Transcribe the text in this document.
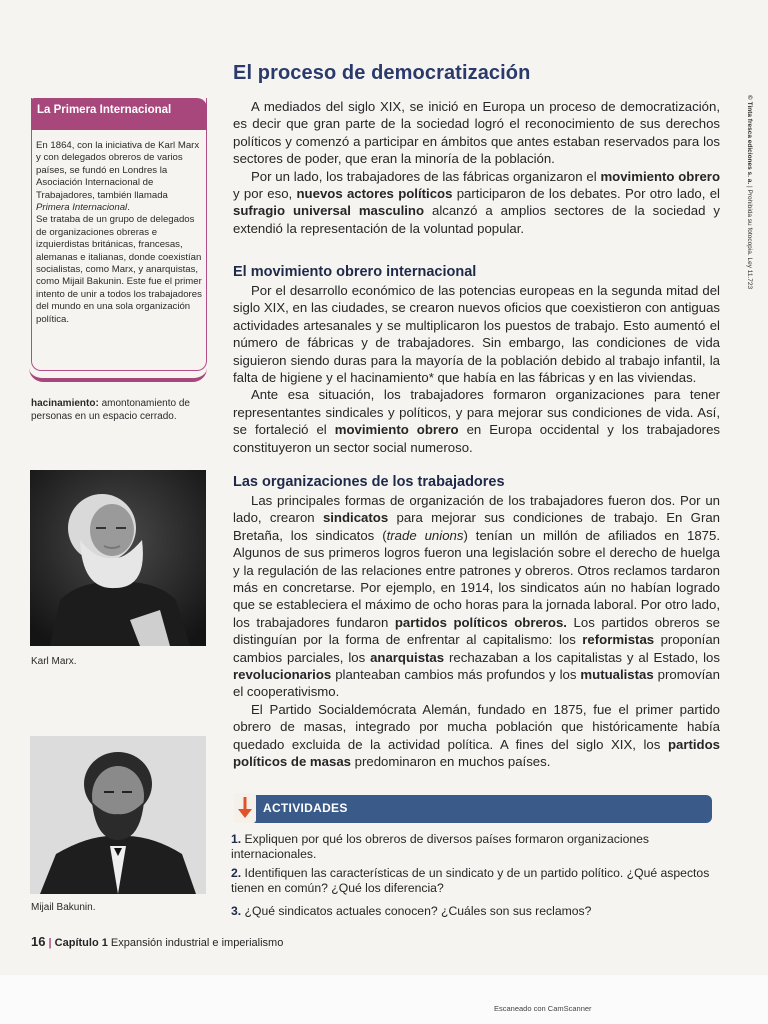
El proceso de democratización

A mediados del siglo XIX, se inició en Europa un proceso de democratización, es decir que gran parte de la sociedad logró el reconocimiento de sus derechos políticos y comenzó a participar en ámbitos que antes estaban reservados para los sectores de poder, que eran la minoría de la población.

Por un lado, los trabajadores de las fábricas organizaron el movimiento obrero y por eso, nuevos actores políticos participaron de los debates. Por otro lado, el sufragio universal masculino alcanzó a amplios sectores de la sociedad y extendió la representación de la voluntad popular.

El movimiento obrero internacional

Por el desarrollo económico de las potencias europeas en la segunda mitad del siglo XIX, en las ciudades, se crearon nuevos oficios que coexistieron con antiguas actividades artesanales y se multiplicaron los puestos de trabajo. Esto aumentó el número de fábricas y de trabajadores. Sin embargo, las condiciones de vida siguieron siendo duras para la mayoría de la población debido al trabajo infantil, la falta de higiene y el hacinamiento* que había en las fábricas y en las viviendas.

Ante esa situación, los trabajadores formaron organizaciones para tener representantes sindicales y políticos, y para mejorar sus condiciones de vida. Así, se fortaleció el movimiento obrero en Europa occidental y los trabajadores constituyeron un sector social numeroso.

Las organizaciones de los trabajadores

Las principales formas de organización de los trabajadores fueron dos. Por un lado, crearon sindicatos para mejorar sus condiciones de trabajo. En Gran Bretaña, los sindicatos (trade unions) tenían un millón de afiliados en 1875. Algunos de sus primeros logros fueron una legislación sobre el derecho de huelga y la regulación de las relaciones entre patrones y obreros. Otros reclamos tardaron más en concretarse. Por ejemplo, en 1914, los sindicatos aún no habían logrado que se estableciera el máximo de ocho horas para la jornada laboral. Por otro lado, los trabajadores fundaron partidos políticos obreros. Los partidos obreros se distinguían por la forma de enfrentar al capitalismo: los reformistas proponían cambios parciales, los anarquistas rechazaban a los capitalistas y al Estado, los revolucionarios planteaban cambios más profundos y los mutualistas promovían el cooperativismo.

El Partido Socialdemócrata Alemán, fundado en 1875, fue el primer partido obrero de masas, integrado por mucha población que históricamente había quedado excluida de la actividad política. A fines del siglo XIX, los partidos políticos de masas predominaron en muchos países.

La Primera Internacional

En 1864, con la iniciativa de Karl Marx y con delegados obreros de varios países, se fundó en Londres la Asociación Internacional de Trabajadores, también llamada Primera Internacional.

Se trataba de un grupo de delegados de organizaciones obreras e izquierdistas británicas, francesas, alemanas e italianas, donde coexistían socialistas, como Marx, y anarquistas, como Mijail Bakunin. Este fue el primer intento de unir a todos los trabajadores del mundo en una sola organización política.

hacinamiento: amontonamiento de personas en un espacio cerrado.
Karl Marx.
Mijail Bakunin.
ACTIVIDADES
1. Expliquen por qué los obreros de diversos países formaron organizaciones internacionales.
2. Identifiquen las características de un sindicato y de un partido político. ¿Qué aspectos tienen en común? ¿Qué los diferencia?
3. ¿Qué sindicatos actuales conocen? ¿Cuáles son sus reclamos?
16 | Capítulo 1 Expansión industrial e imperialismo
© Tinta fresca ediciones s. a. | Prohibida su fotocopia. Ley 11.723
Escaneado con CamScanner
